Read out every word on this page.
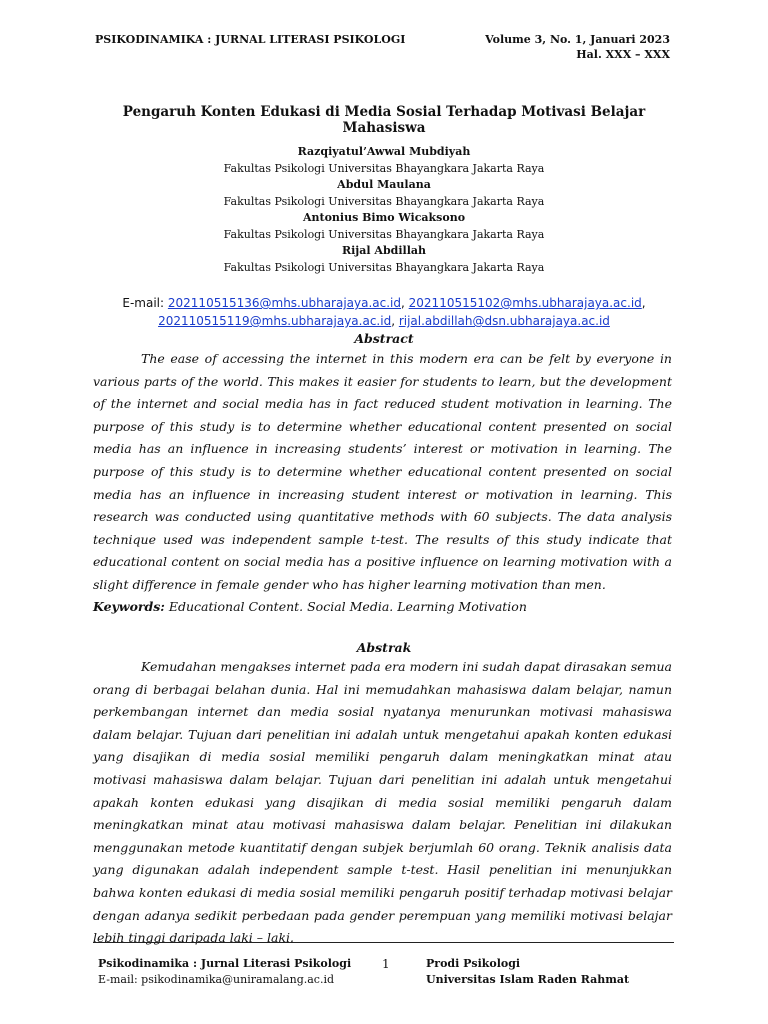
PSIKODINAMIKA : JURNAL LITERASI PSIKOLOGI	Volume 3, No. 1, Januari 2023
Hal. XXX – XXX
Pengaruh Konten Edukasi di Media Sosial Terhadap Motivasi Belajar Mahasiswa
Razqiyatul’Awwal Mubdiyah
Fakultas Psikologi Universitas Bhayangkara Jakarta Raya
Abdul Maulana
Fakultas Psikologi Universitas Bhayangkara Jakarta Raya
Antonius Bimo Wicaksono
Fakultas Psikologi Universitas Bhayangkara Jakarta Raya
Rijal Abdillah
Fakultas Psikologi Universitas Bhayangkara Jakarta Raya
E-mail: 202110515136@mhs.ubharajaya.ac.id, 202110515102@mhs.ubharajaya.ac.id,
202110515119@mhs.ubharajaya.ac.id, rijal.abdillah@dsn.ubharajaya.ac.id
Abstract

The ease of accessing the internet in this modern era can be felt by everyone in various parts of the world. This makes it easier for students to learn, but the development of the internet and social media has in fact reduced student motivation in learning. The purpose of this study is to determine whether educational content presented on social media has an influence in increasing students’ interest or motivation in learning. The purpose of this study is to determine whether educational content presented on social media has an influence in increasing student interest or motivation in learning. This research was conducted using quantitative methods with 60 subjects. The data analysis technique used was independent sample t-test. The results of this study indicate that educational content on social media has a positive influence on learning motivation with a slight difference in female gender who has higher learning motivation than men.

Keywords: Educational Content. Social Media. Learning Motivation
Abstrak

Kemudahan mengakses internet pada era modern ini sudah dapat dirasakan semua orang di berbagai belahan dunia. Hal ini memudahkan mahasiswa dalam belajar, namun perkembangan internet dan media sosial nyatanya menurunkan motivasi mahasiswa dalam belajar. Tujuan dari penelitian ini adalah untuk mengetahui apakah konten edukasi yang disajikan di media sosial memiliki pengaruh dalam meningkatkan minat atau motivasi mahasiswa dalam belajar. Tujuan dari penelitian ini adalah untuk mengetahui apakah konten edukasi yang disajikan di media sosial memiliki pengaruh dalam meningkatkan minat atau motivasi mahasiswa dalam belajar. Penelitian ini dilakukan menggunakan metode kuantitatif dengan subjek berjumlah 60 orang. Teknik analisis data yang digunakan adalah independent sample t-test. Hasil penelitian ini menunjukkan bahwa konten edukasi di media sosial memiliki pengaruh positif terhadap motivasi belajar dengan adanya sedikit perbedaan pada gender perempuan yang memiliki motivasi belajar lebih tinggi daripada laki – laki.

Psikodinamika : Jurnal Literasi Psikologi
E-mail: psikodinamika@uniramalang.ac.id
1	Prodi Psikologi
Universitas Islam Raden Rahmat
